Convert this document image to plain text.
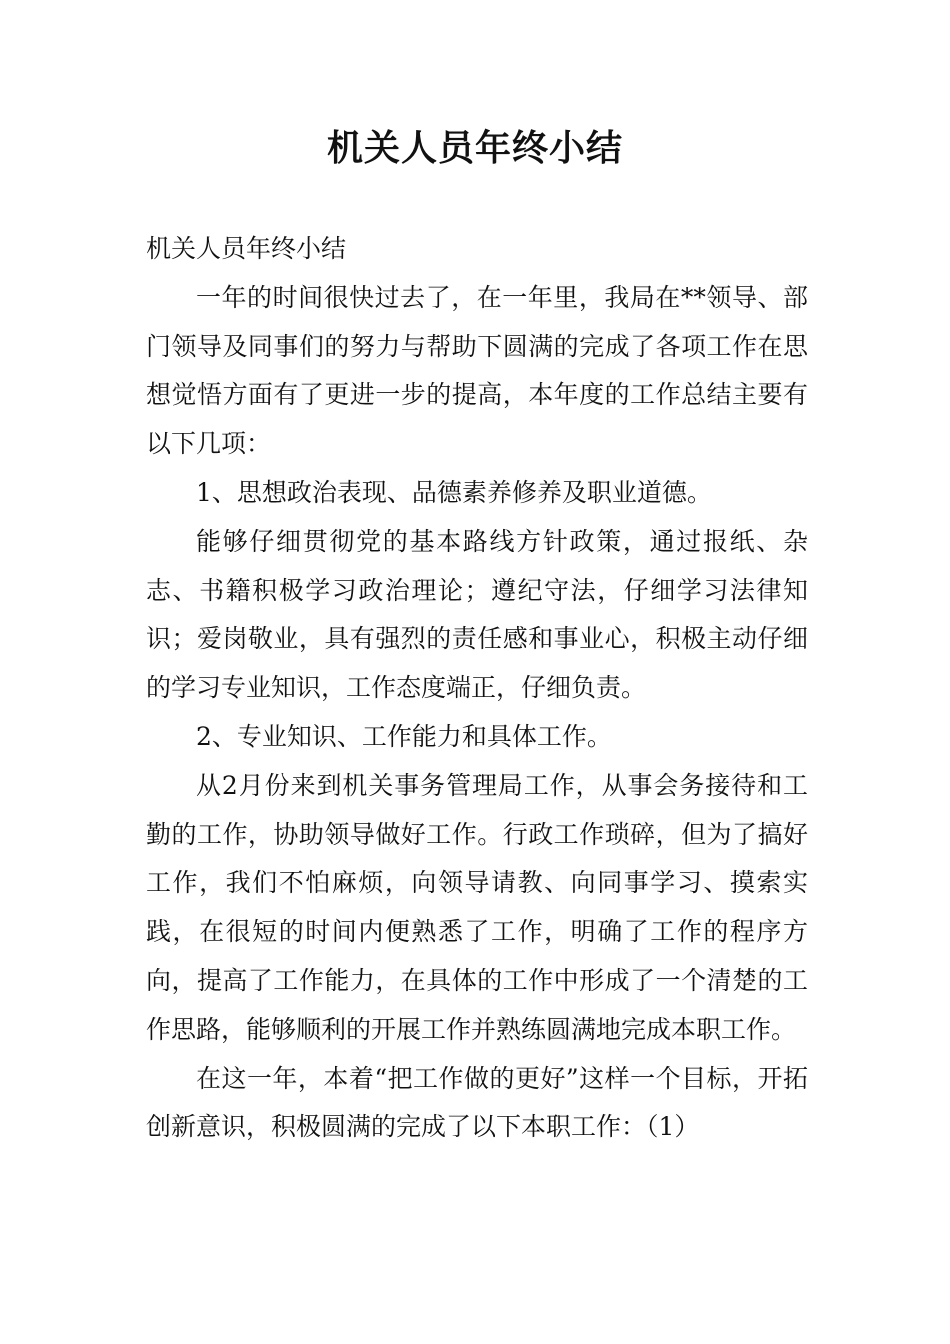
机关人员年终小结

机关人员年终小结

一年的时间很快过去了，在一年里，我局在**领导、部门领导及同事们的努力与帮助下圆满的完成了各项工作在思想觉悟方面有了更进一步的提高，本年度的工作总结主要有以下几项：

1、思想政治表现、品德素养修养及职业道德。

能够仔细贯彻党的基本路线方针政策，通过报纸、杂志、书籍积极学习政治理论；遵纪守法，仔细学习法律知识；爱岗敬业，具有强烈的责任感和事业心，积极主动仔细的学习专业知识，工作态度端正，仔细负责。

2、专业知识、工作能力和具体工作。

从2月份来到机关事务管理局工作，从事会务接待和工勤的工作，协助领导做好工作。行政工作琐碎，但为了搞好工作，我们不怕麻烦，向领导请教、向同事学习、摸索实践，在很短的时间内便熟悉了工作，明确了工作的程序方向，提高了工作能力，在具体的工作中形成了一个清楚的工作思路，能够顺利的开展工作并熟练圆满地完成本职工作。

在这一年，本着“把工作做的更好”这样一个目标，开拓创新意识，积极圆满的完成了以下本职工作：（1）
